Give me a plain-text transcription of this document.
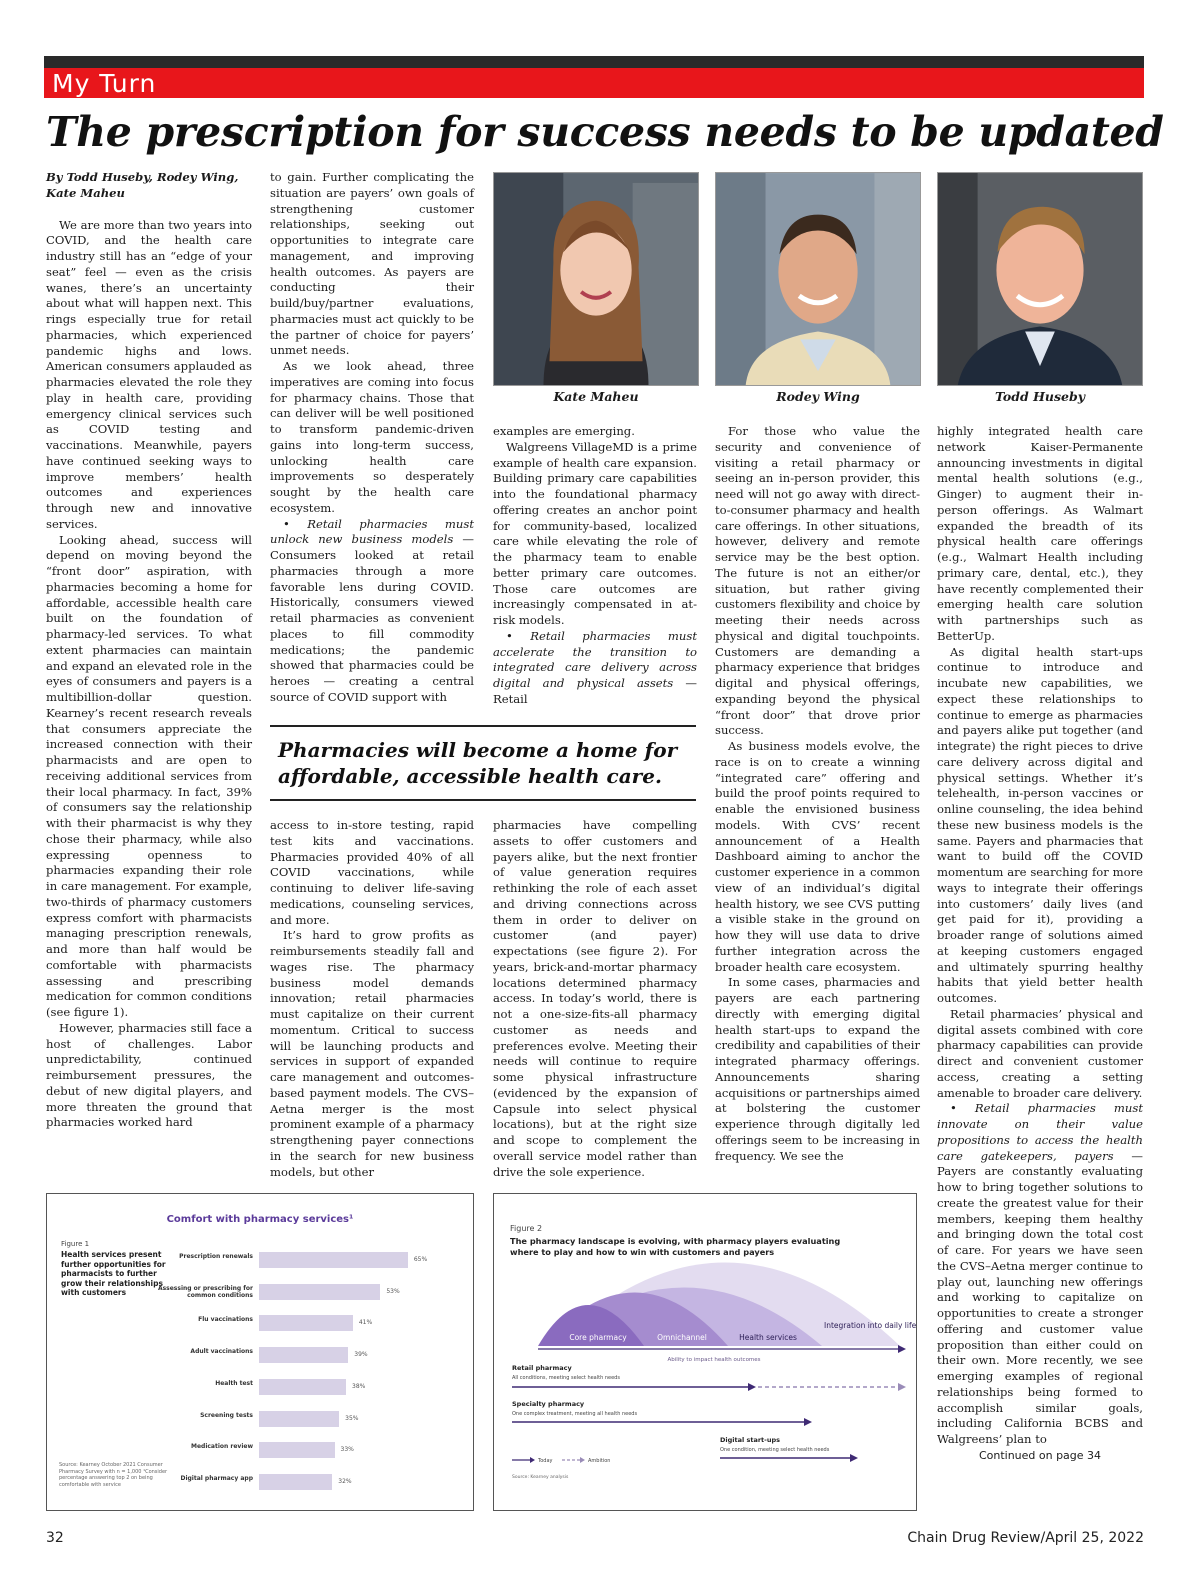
My Turn
The prescription for success needs to be updated
By Todd Huseby, Rodey Wing, Kate Maheu

We are more than two years into COVID, and the health care industry still has an “edge of your seat” feel — even as the crisis wanes, there’s an uncertainty about what will happen next. This rings especially true for retail pharmacies, which experienced pandemic highs and lows. American consumers applauded as pharmacies elevated the role they play in health care, providing emergency clinical services such as COVID testing and vaccinations. Meanwhile, payers have continued seeking ways to improve members’ health outcomes and experiences through new and innovative services.

Looking ahead, success will depend on moving beyond the “front door” aspiration, with pharmacies becoming a home for affordable, accessible health care built on the foundation of pharmacy-led services. To what extent pharmacies can maintain and expand an elevated role in the eyes of consumers and payers is a multibillion-dollar question. Kearney’s recent research reveals that consumers appreciate the increased connection with their pharmacists and are open to receiving additional services from their local pharmacy. In fact, 39% of consumers say the relationship with their pharmacist is why they chose their pharmacy, while also expressing openness to pharmacies expanding their role in care management. For example, two-thirds of pharmacy customers express comfort with pharmacists managing prescription renewals, and more than half would be comfortable with pharmacists assessing and prescribing medication for common conditions (see figure 1).

However, pharmacies still face a host of challenges. Labor unpredictability, continued reimbursement pressures, the debut of new digital players, and more threaten the ground that pharmacies worked hard

to gain. Further complicating the situation are payers’ own goals of strengthening customer relationships, seeking out opportunities to integrate care management, and improving health outcomes. As payers are conducting their build/buy/partner evaluations, pharmacies must act quickly to be the partner of choice for payers’ unmet needs.

As we look ahead, three imperatives are coming into focus for pharmacy chains. Those that can deliver will be well positioned to transform pandemic-driven gains into long-term success, unlocking health care improvements so desperately sought by the health care ecosystem.

• Retail pharmacies must unlock new business models — Consumers looked at retail pharmacies through a more favorable lens during COVID. Historically, consumers viewed retail pharmacies as convenient places to fill commodity medications; the pandemic showed that pharmacies could be heroes — creating a central source of COVID support with

examples are emerging.

Walgreens VillageMD is a prime example of health care expansion. Building primary care capabilities into the foundational pharmacy offering creates an anchor point for community-based, localized care while elevating the role of the pharmacy team to enable better primary care outcomes. Those care outcomes are increasingly compensated in at-risk models.

• Retail pharmacies must accelerate the transition to integrated care delivery across digital and physical assets — Retail

Kate Maheu	Rodey Wing	Todd Huseby
Pharmacies will become a home for affordable, accessible health care.

access to in-store testing, rapid test kits and vaccinations. Pharmacies provided 40% of all COVID vaccinations, while continuing to deliver life-saving medications, counseling services, and more.

It’s hard to grow profits as reimbursements steadily fall and wages rise. The pharmacy business model demands innovation; retail pharmacies must capitalize on their current momentum. Critical to success will be launching products and services in support of expanded care management and outcomes-based payment models. The CVS–Aetna merger is the most prominent example of a pharmacy strengthening payer connections in the search for new business models, but other

pharmacies have compelling assets to offer customers and payers alike, but the next frontier of value generation requires rethinking the role of each asset and driving connections across them in order to deliver on customer (and payer) expectations (see figure 2). For years, brick-and-mortar pharmacy locations determined pharmacy access. In today’s world, there is not a one-size-fits-all pharmacy customer as needs and preferences evolve. Meeting their needs will continue to require some physical infrastructure (evidenced by the expansion of Capsule into select physical locations), but at the right size and scope to complement the overall service model rather than drive the sole experience.

For those who value the security and convenience of visiting a retail pharmacy or seeing an in-person provider, this need will not go away with direct-to-consumer pharmacy and health care offerings. In other situations, however, delivery and remote service may be the best option. The future is not an either/or situation, but rather giving customers flexibility and choice by meeting their needs across physical and digital touchpoints. Customers are demanding a pharmacy experience that bridges digital and physical offerings, expanding beyond the physical “front door” that drove prior success.

As business models evolve, the race is on to create a winning “integrated care” offering and build the proof points required to enable the envisioned business models. With CVS’ recent announcement of a Health Dashboard aiming to anchor the customer experience in a common view of an individual’s digital health history, we see CVS putting a visible stake in the ground on how they will use data to drive further integration across the broader health care ecosystem.

In some cases, pharmacies and payers are each partnering directly with emerging digital health start-ups to expand the credibility and capabilities of their integrated pharmacy offerings. Announcements sharing acquisitions or partnerships aimed at bolstering the customer experience through digitally led offerings seem to be increasing in frequency. We see the

highly integrated health care network Kaiser-Permanente announcing investments in digital mental health solutions (e.g., Ginger) to augment their in-person offerings. As Walmart expanded the breadth of its physical health care offerings (e.g., Walmart Health including primary care, dental, etc.), they have recently complemented their emerging health care solution with partnerships such as BetterUp.

As digital health start-ups continue to introduce and incubate new capabilities, we expect these relationships to continue to emerge as pharmacies and payers alike put together (and integrate) the right pieces to drive care delivery across digital and physical settings. Whether it’s telehealth, in-person vaccines or online counseling, the idea behind these new business models is the same. Payers and pharmacies that want to build off the COVID momentum are searching for more ways to integrate their offerings into customers’ daily lives (and get paid for it), providing a broader range of solutions aimed at keeping customers engaged and ultimately spurring healthy habits that yield better health outcomes.

Retail pharmacies’ physical and digital assets combined with core pharmacy capabilities can provide direct and convenient customer access, creating a setting amenable to broader care delivery.

• Retail pharmacies must innovate on their value propositions to access the health care gatekeepers, payers — Payers are constantly evaluating how to bring together solutions to create the greatest value for their members, keeping them healthy and bringing down the total cost of care. For years we have seen the CVS–Aetna merger continue to play out, launching new offerings and working to capitalize on opportunities to create a stronger offering and customer value proposition than either could on their own. More recently, we see emerging examples of regional relationships being formed to accomplish similar goals, including California BCBS and Walgreens’ plan to

Continued on page 34

Comfort with pharmacy services¹
Figure 1
Health services present further opportunities for pharmacists to further grow their relationships with customers
Source: Kearney October 2021 Consumer Pharmacy Survey with n = 1,000 ¹Consider percentage answering top 2 on being comfortable with service
Prescription renewals	65%
Assessing or prescribing for common conditions
53%
Flu vaccinations	41%
Adult vaccinations	39%
Health test	38%
Screening tests	35%
Medication review	33%
Digital pharmacy app	32%
Core pharmacy	Omnichannel	Health services
Integration into daily life
Ability to impact health outcomes
Retail pharmacy
All conditions, meeting select health needs
Specialty pharmacy
One complex treatment, meeting all health needs
Digital start-ups
One condition, meeting select health needs
Today	Ambition
Source: Kearney analysis
Figure 2
The pharmacy landscape is evolving, with pharmacy players evaluating where to play and how to win with customers and payers
32	Chain Drug Review/April 25, 2022
